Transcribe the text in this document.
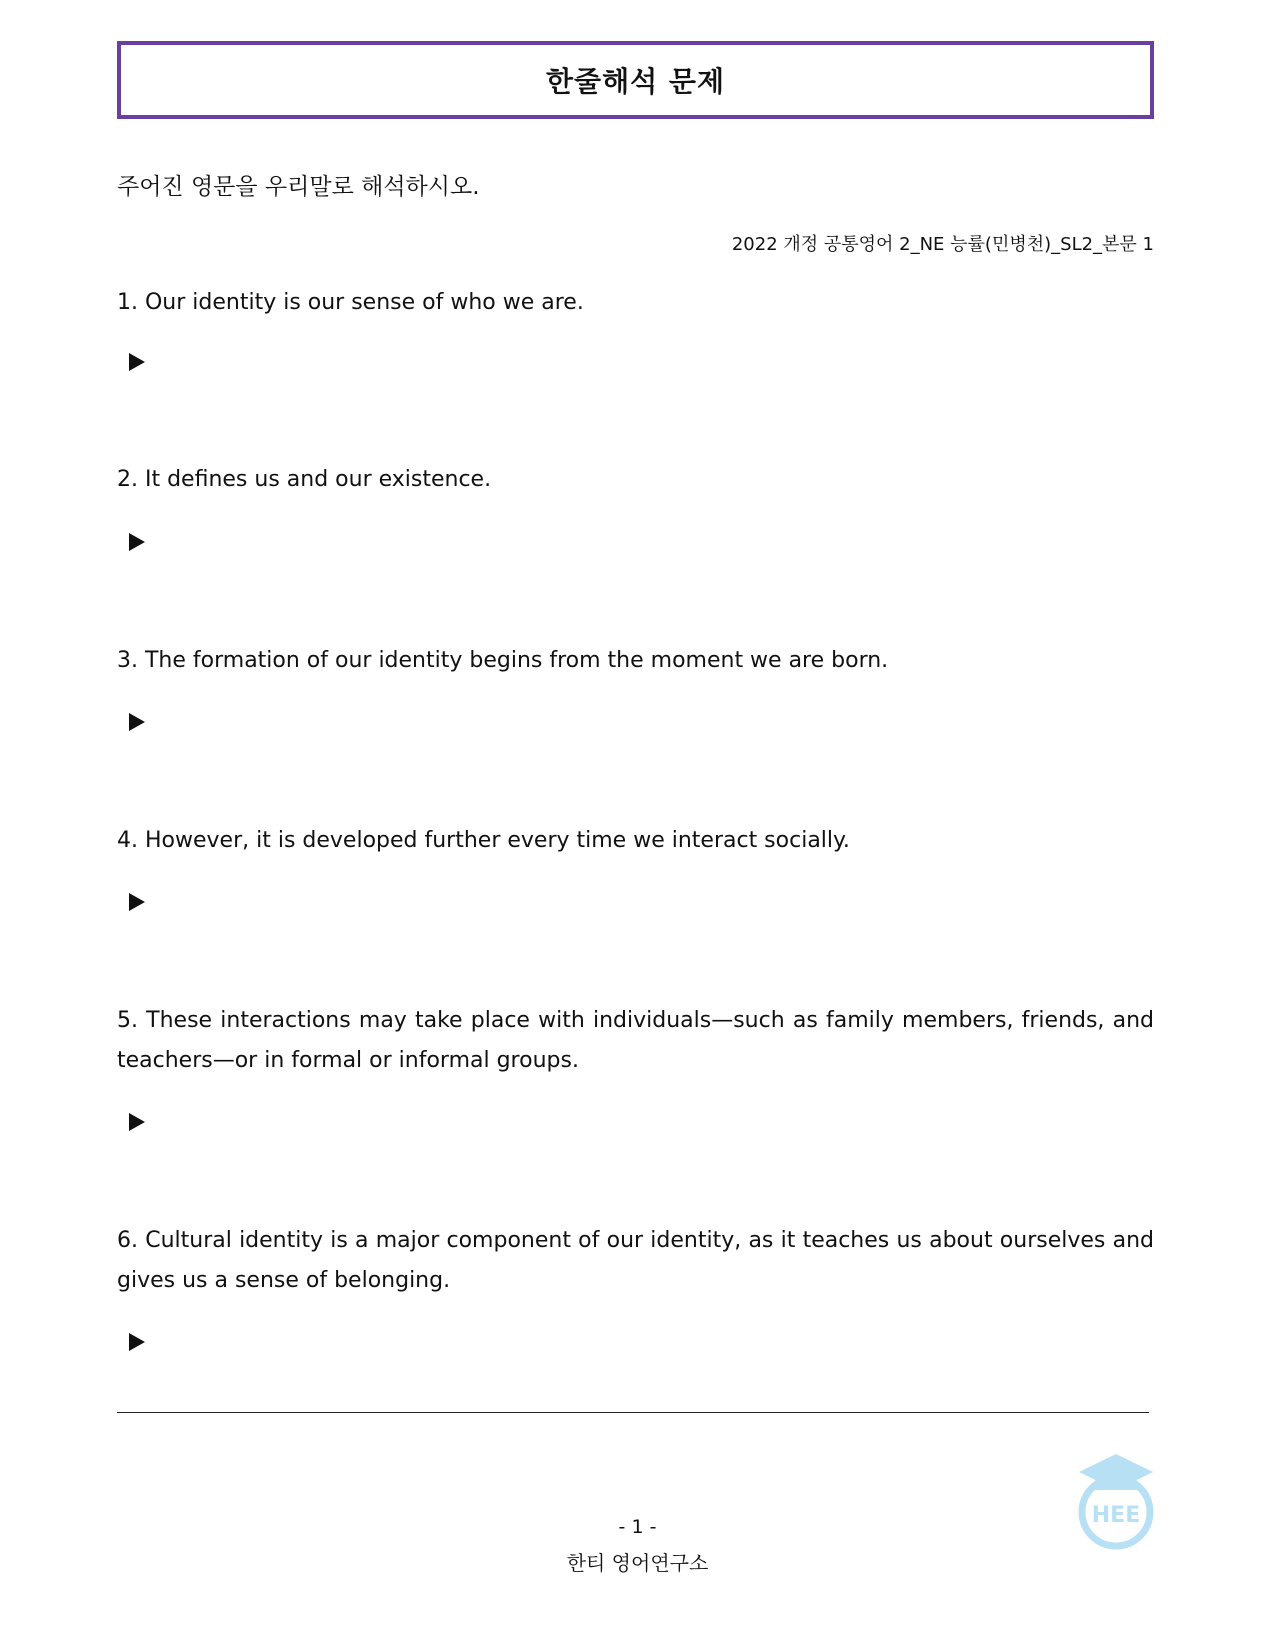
한줄해석 문제
주어진 영문을 우리말로 해석하시오.
2022 개정 공통영어 2_NE 능률(민병천)_SL2_본문 1
1. Our identity is our sense of who we are.
2. It defines us and our existence.
3. The formation of our identity begins from the moment we are born.
4. However, it is developed further every time we interact socially.
5. These interactions may take place with individuals—such as family members, friends, and teachers—or in formal or informal groups.
6. Cultural identity is a major component of our identity, as it teaches us about ourselves and gives us a sense of belonging.
HEE
- 1 -
한티 영어연구소
